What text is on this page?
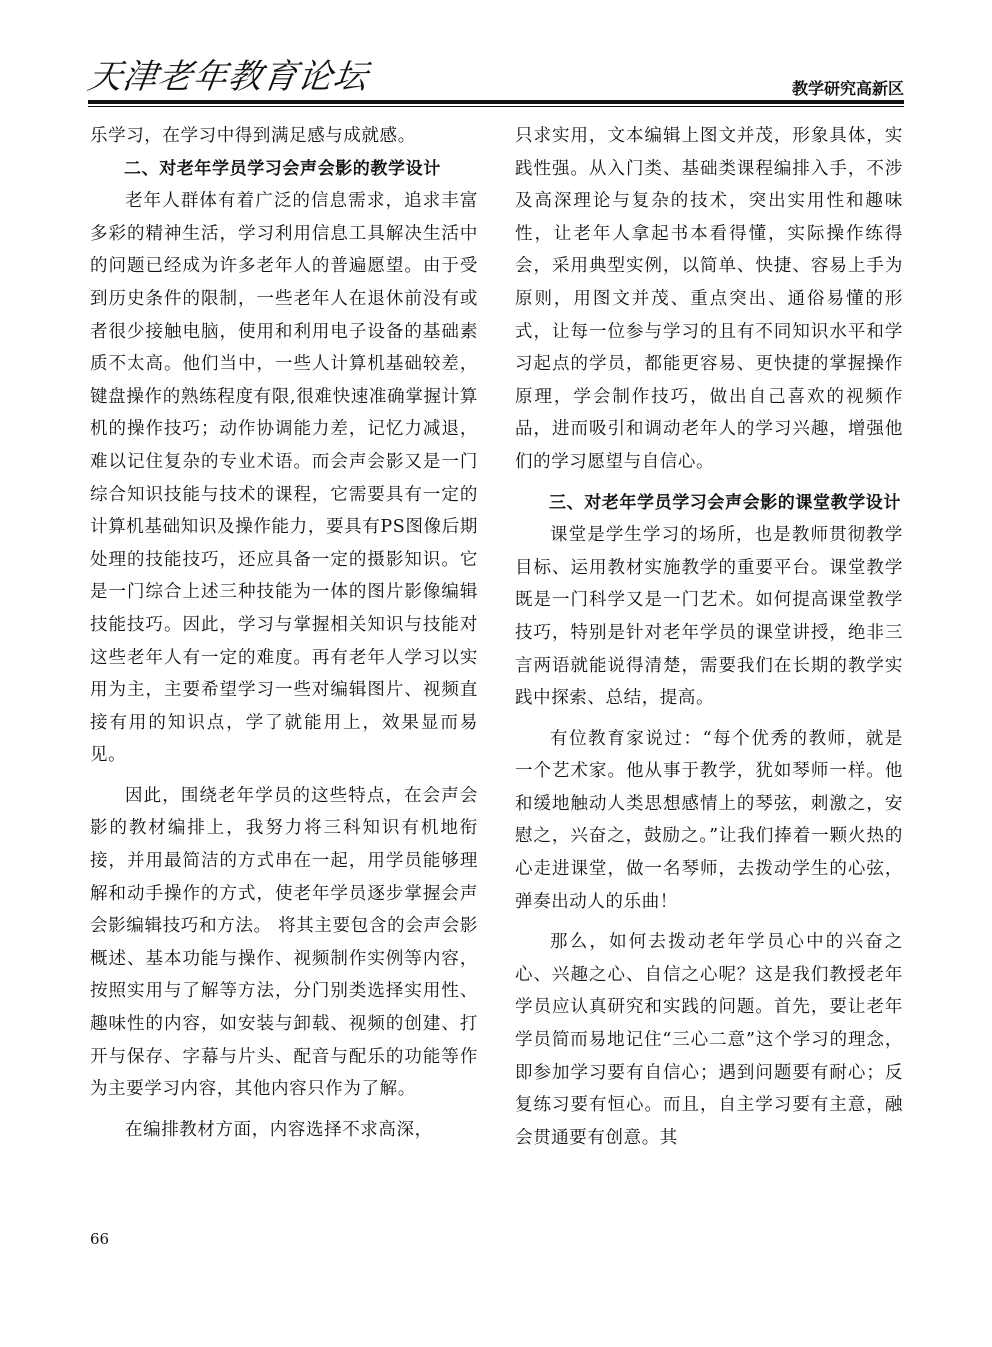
天津老年教育论坛	教学研究高新区

乐学习，在学习中得到满足感与成就感。

二、对老年学员学习会声会影的教学设计

老年人群体有着广泛的信息需求，追求丰富多彩的精神生活，学习利用信息工具解决生活中的问题已经成为许多老年人的普遍愿望。由于受到历史条件的限制，一些老年人在退休前没有或者很少接触电脑，使用和利用电子设备的基础素质不太高。他们当中，一些人计算机基础较差，键盘操作的熟练程度有限,很难快速准确掌握计算机的操作技巧；动作协调能力差，记忆力减退，难以记住复杂的专业术语。而会声会影又是一门综合知识技能与技术的课程，它需要具有一定的计算机基础知识及操作能力，要具有PS图像后期处理的技能技巧，还应具备一定的摄影知识。它是一门综合上述三种技能为一体的图片影像编辑技能技巧。因此，学习与掌握相关知识与技能对这些老年人有一定的难度。再有老年人学习以实用为主，主要希望学习一些对编辑图片、视频直接有用的知识点，学了就能用上，效果显而易见。

因此，围绕老年学员的这些特点，在会声会影的教材编排上，我努力将三科知识有机地衔接，并用最简洁的方式串在一起，用学员能够理解和动手操作的方式，使老年学员逐步掌握会声会影编辑技巧和方法。 将其主要包含的会声会影概述、基本功能与操作、视频制作实例等内容，按照实用与了解等方法，分门别类选择实用性、趣味性的内容，如安装与卸载、视频的创建、打开与保存、字幕与片头、配音与配乐的功能等作为主要学习内容，其他内容只作为了解。

在编排教材方面，内容选择不求高深，

只求实用，文本编辑上图文并茂，形象具体，实践性强。从入门类、基础类课程编排入手，不涉及高深理论与复杂的技术，突出实用性和趣味性，让老年人拿起书本看得懂，实际操作练得会，采用典型实例，以简单、快捷、容易上手为原则，用图文并茂、重点突出、通俗易懂的形式，让每一位参与学习的且有不同知识水平和学习起点的学员，都能更容易、更快捷的掌握操作原理，学会制作技巧，做出自己喜欢的视频作品，进而吸引和调动老年人的学习兴趣，增强他们的学习愿望与自信心。

三、对老年学员学习会声会影的课堂教学设计

课堂是学生学习的场所，也是教师贯彻教学目标、运用教材实施教学的重要平台。课堂教学既是一门科学又是一门艺术。如何提高课堂教学技巧，特别是针对老年学员的课堂讲授，绝非三言两语就能说得清楚，需要我们在长期的教学实践中探索、总结，提高。

有位教育家说过：“每个优秀的教师，就是一个艺术家。他从事于教学，犹如琴师一样。他和缓地触动人类思想感情上的琴弦，刺激之，安慰之，兴奋之，鼓励之。”让我们捧着一颗火热的心走进课堂，做一名琴师，去拨动学生的心弦，弹奏出动人的乐曲！

那么，如何去拨动老年学员心中的兴奋之心、兴趣之心、自信之心呢？这是我们教授老年学员应认真研究和实践的问题。首先，要让老年学员简而易地记住“三心二意”这个学习的理念，即参加学习要有自信心；遇到问题要有耐心；反复练习要有恒心。而且，自主学习要有主意，融会贯通要有创意。其

66
